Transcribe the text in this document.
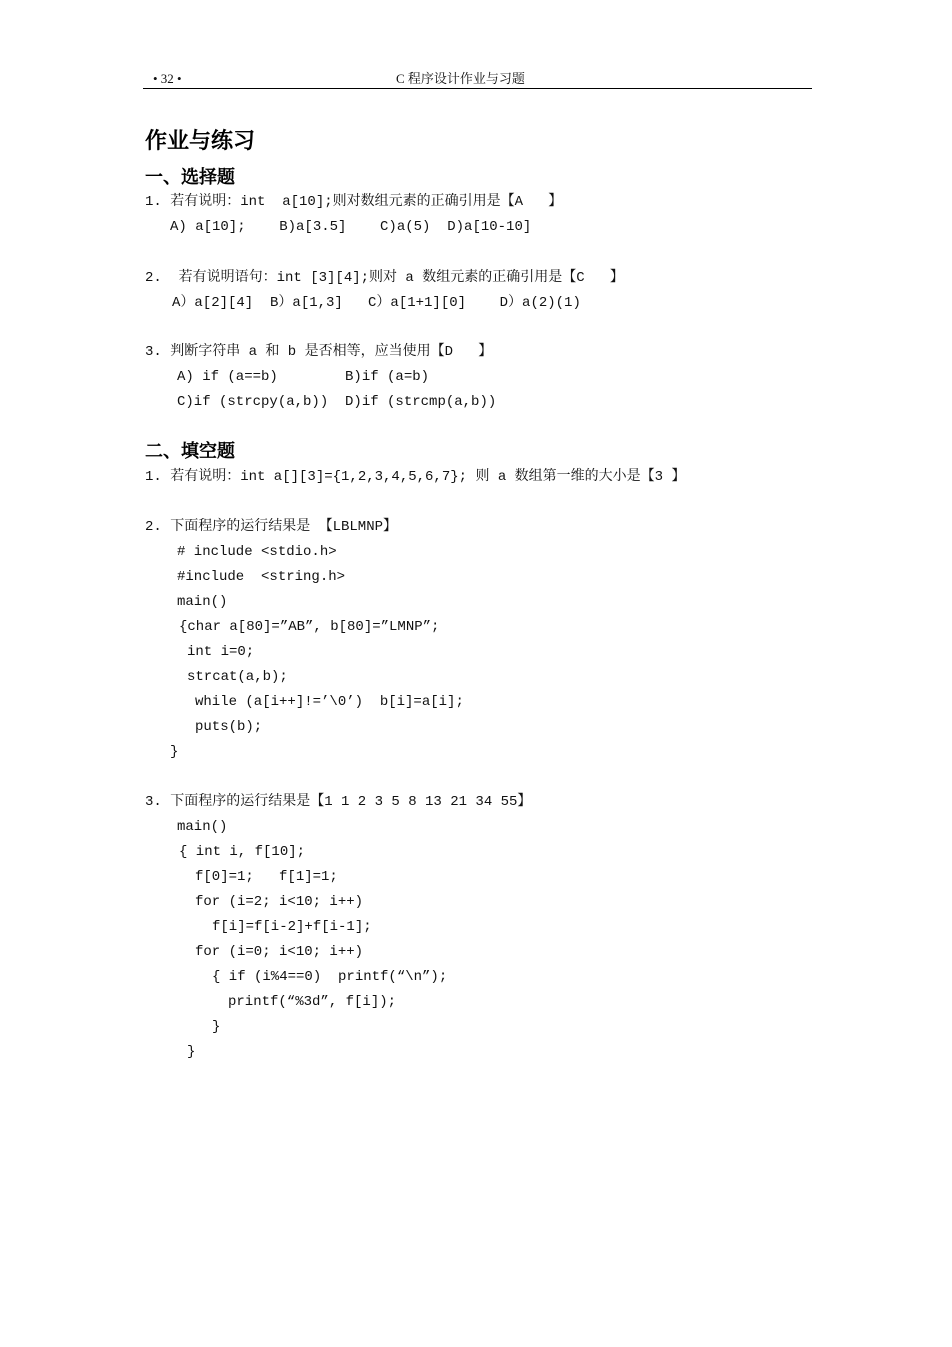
• 32 •	C 程序设计作业与习题
作业与练习
一、选择题
1. 若有说明：int  a[10];则对数组元素的正确引用是【A   】
A) a[10];    B)a[3.5]    C)a(5)  D)a[10-10]
2.  若有说明语句：int [3][4];则对 a 数组元素的正确引用是【C   】
A）a[2][4]  B）a[1,3]   C）a[1+1][0]    D）a(2)(1)
3. 判断字符串 a 和 b 是否相等，应当使用【D   】
A) if (a==b)        B)if (a=b)
C)if (strcpy(a,b))  D)if (strcmp(a,b))
二、填空题
1. 若有说明：int a[][3]={1,2,3,4,5,6,7}; 则 a 数组第一维的大小是【3 】
2. 下面程序的运行结果是 【LBLMNP】
# include <stdio.h>
#include  <string.h>
main()
{char a[80]=”AB”, b[80]=”LMNP”;
int i=0;
strcat(a,b);
while (a[i++]!=’\0’)  b[i]=a[i];
puts(b);
}
3. 下面程序的运行结果是【1 1 2 3 5 8 13 21 34 55】
main()
{ int i, f[10];
f[0]=1;   f[1]=1;
for (i=2; i<10; i++)
f[i]=f[i-2]+f[i-1];
for (i=0; i<10; i++)
{ if (i%4==0)  printf(“\n”);
printf(“%3d”, f[i]);
}
}
